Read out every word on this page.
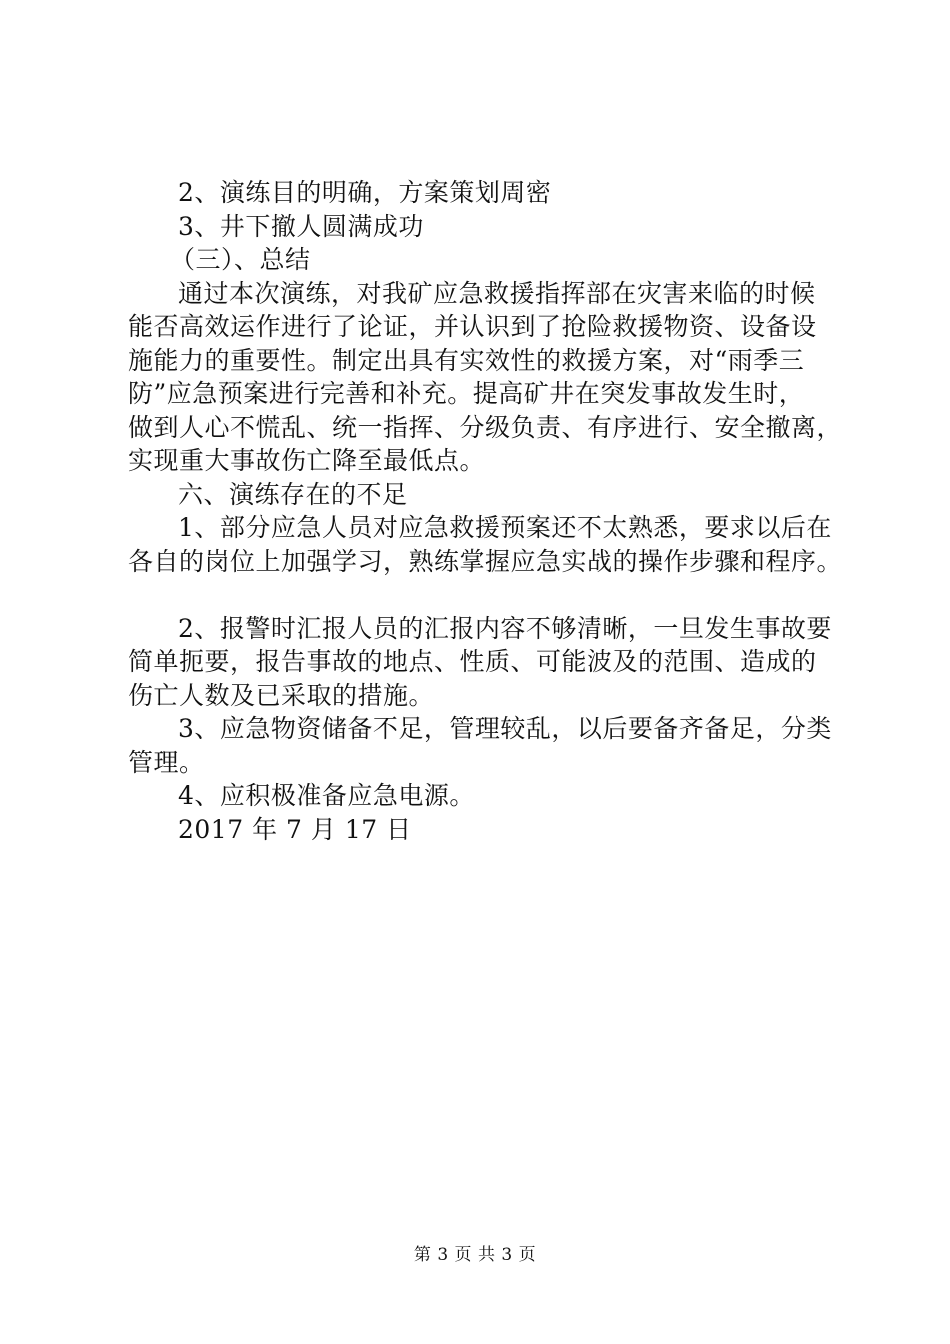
2、演练目的明确，方案策划周密
3、井下撤人圆满成功
（三）、总结
通过本次演练，对我矿应急救援指挥部在灾害来临的时候
能否高效运作进行了论证，并认识到了抢险救援物资、设备设
施能力的重要性。制定出具有实效性的救援方案，对“雨季三
防”应急预案进行完善和补充。提高矿井在突发事故发生时，
做到人心不慌乱、统一指挥、分级负责、有序进行、安全撤离，
实现重大事故伤亡降至最低点。
六、演练存在的不足
1、部分应急人员对应急救援预案还不太熟悉，要求以后在
各自的岗位上加强学习，熟练掌握应急实战的操作步骤和程序。
2、报警时汇报人员的汇报内容不够清晰，一旦发生事故要
简单扼要，报告事故的地点、性质、可能波及的范围、造成的
伤亡人数及已采取的措施。
3、应急物资储备不足，管理较乱，以后要备齐备足，分类
管理。
4、应积极准备应急电源。
2017 年 7 月 17 日
第 3 页 共 3 页
